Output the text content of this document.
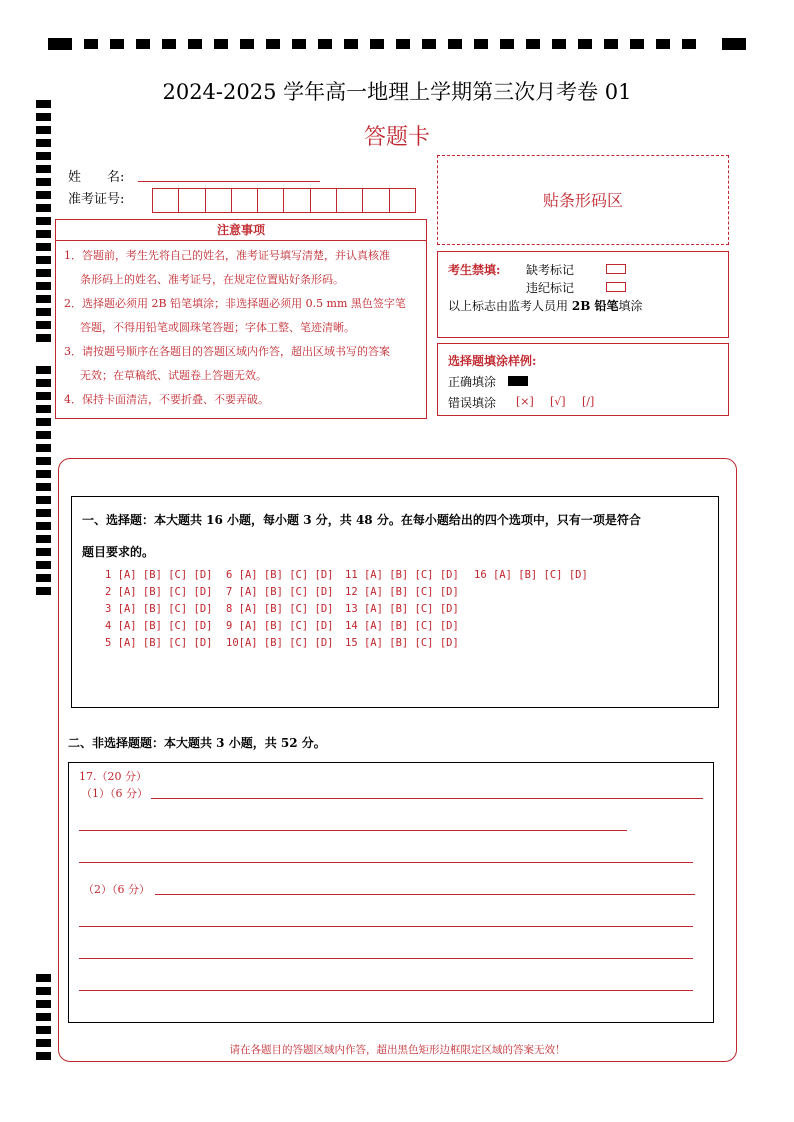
2024-2025 学年高一地理上学期第三次月考卷 01
答题卡
姓　　名:
准考证号:	贴条形码区
注意事项
1．答题前，考生先将自己的姓名，准考证号填写清楚，并认真核准
条形码上的姓名、准考证号，在规定位置贴好条形码。
2．选择题必须用 2B 铅笔填涂；非选择题必须用 0.5 mm 黑色签字笔
答题，不得用铅笔或圆珠笔答题；字体工整、笔迹清晰。
3．请按题号顺序在各题目的答题区域内作答，超出区域书写的答案
无效；在草稿纸、试题卷上答题无效。
4．保持卡面清洁，不要折叠、不要弄破。
考生禁填: 缺考标记
违纪标记
以上标志由监考人员用 2B 铅笔填涂
选择题填涂样例:
正确填涂
错误填涂 [×] [√] [/]
一、选择题：本大题共 16 小题，每小题 3 分，共 48 分。在每小题给出的四个选项中，只有一项是符合
题目要求的。
1 [A] [B] [C] [D]
2 [A] [B] [C] [D]
3 [A] [B] [C] [D]
4 [A] [B] [C] [D]
5 [A] [B] [C] [D]
6 [A] [B] [C] [D]
7 [A] [B] [C] [D]
8 [A] [B] [C] [D]
9 [A] [B] [C] [D]
10[A] [B] [C] [D]
11 [A] [B] [C] [D]
12 [A] [B] [C] [D]
13 [A] [B] [C] [D]
14 [A] [B] [C] [D]
15 [A] [B] [C] [D]
16 [A] [B] [C] [D]
二、非选择题题：本大题共 3 小题，共 52 分。
17.（20 分）
（1）（6 分）
（2）（6 分）
请在各题目的答题区域内作答，超出黑色矩形边框限定区域的答案无效！
